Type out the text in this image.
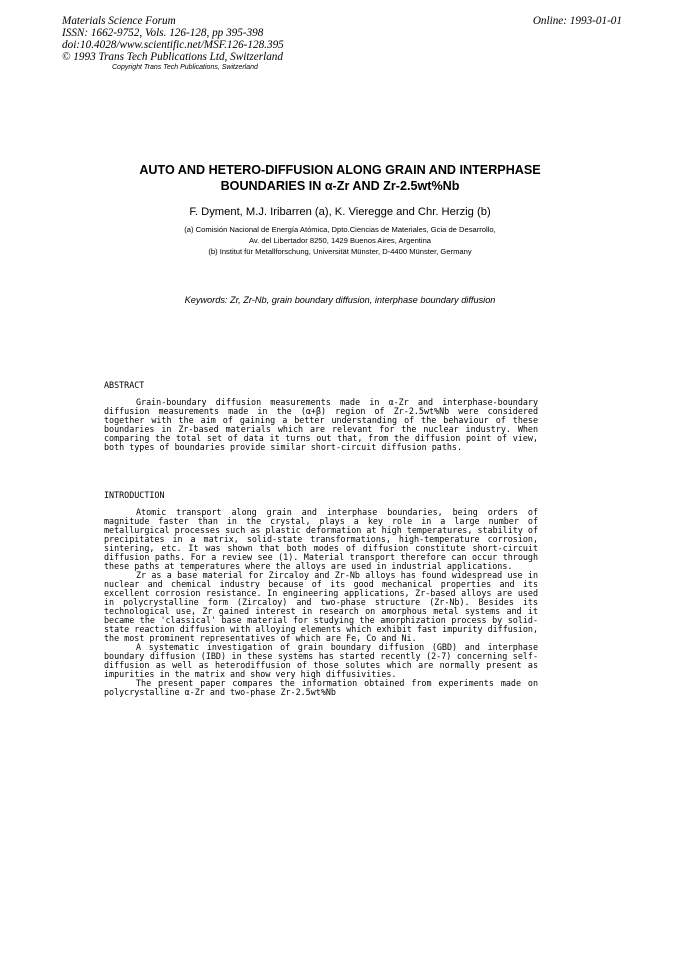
Materials Science Forum
ISSN: 1662-9752, Vols. 126-128, pp 395-398
doi:10.4028/www.scientific.net/MSF.126-128.395
© 1993 Trans Tech Publications Ltd, Switzerland
Online: 1993-01-01
Copyright Trans Tech Publications, Switzerland
AUTO AND HETERO-DIFFUSION ALONG GRAIN AND INTERPHASE
BOUNDARIES IN α-Zr AND Zr-2.5wt%Nb
F. Dyment, M.J. Iribarren (a), K. Vieregge and Chr. Herzig (b)
(a) Comisión Nacional de Energía Atómica, Dpto.Ciencias de Materiales, Gcia de Desarrollo,
Av. del Libertador 8250, 1429 Buenos Aires, Argentina
(b) Institut für Metallforschung, Universität Münster, D-4400 Münster, Germany
Keywords: Zr, Zr-Nb, grain boundary diffusion, interphase boundary diffusion
ABSTRACT

Grain-boundary diffusion measurements made in α-Zr and interphase-boundary diffusion measurements made in the (α+β) region of Zr-2.5wt%Nb were considered together with the aim of gaining a better understanding of the behaviour of these boundaries in Zr-based materials which are relevant for the nuclear industry. When comparing the total set of data it turns out that, from the diffusion point of view, both types of boundaries provide similar short-circuit diffusion paths.

INTRODUCTION

Atomic transport along grain and interphase boundaries, being orders of magnitude faster than in the crystal, plays a key role in a large number of metallurgical processes such as plastic deformation at high temperatures, stability of precipitates in a matrix, solid-state transformations, high-temperature corrosion, sintering, etc. It was shown that both modes of diffusion constitute short-circuit diffusion paths. For a review see (1). Material transport therefore can occur through these paths at temperatures where the alloys are used in industrial applications.

Zr as a base material for Zircaloy and Zr-Nb alloys has found widespread use in nuclear and chemical industry because of its good mechanical properties and its excellent corrosion resistance. In engineering applications, Zr-based alloys are used in polycrystalline form (Zircaloy) and two-phase structure (Zr-Nb). Besides its technological use, Zr gained interest in research on amorphous metal systems and it became the 'classical' base material for studying the amorphization process by solid-state reaction diffusion with alloying elements which exhibit fast impurity diffusion, the most prominent representatives of which are Fe, Co and Ni.

A systematic investigation of grain boundary diffusion (GBD) and interphase boundary diffusion (IBD) in these systems has started recently (2-7) concerning self-diffusion as well as heterodiffusion of those solutes which are normally present as impurities in the matrix and show very high diffusivities.

The present paper compares the information obtained from experiments made on polycrystalline α-Zr and two-phase Zr-2.5wt%Nb
